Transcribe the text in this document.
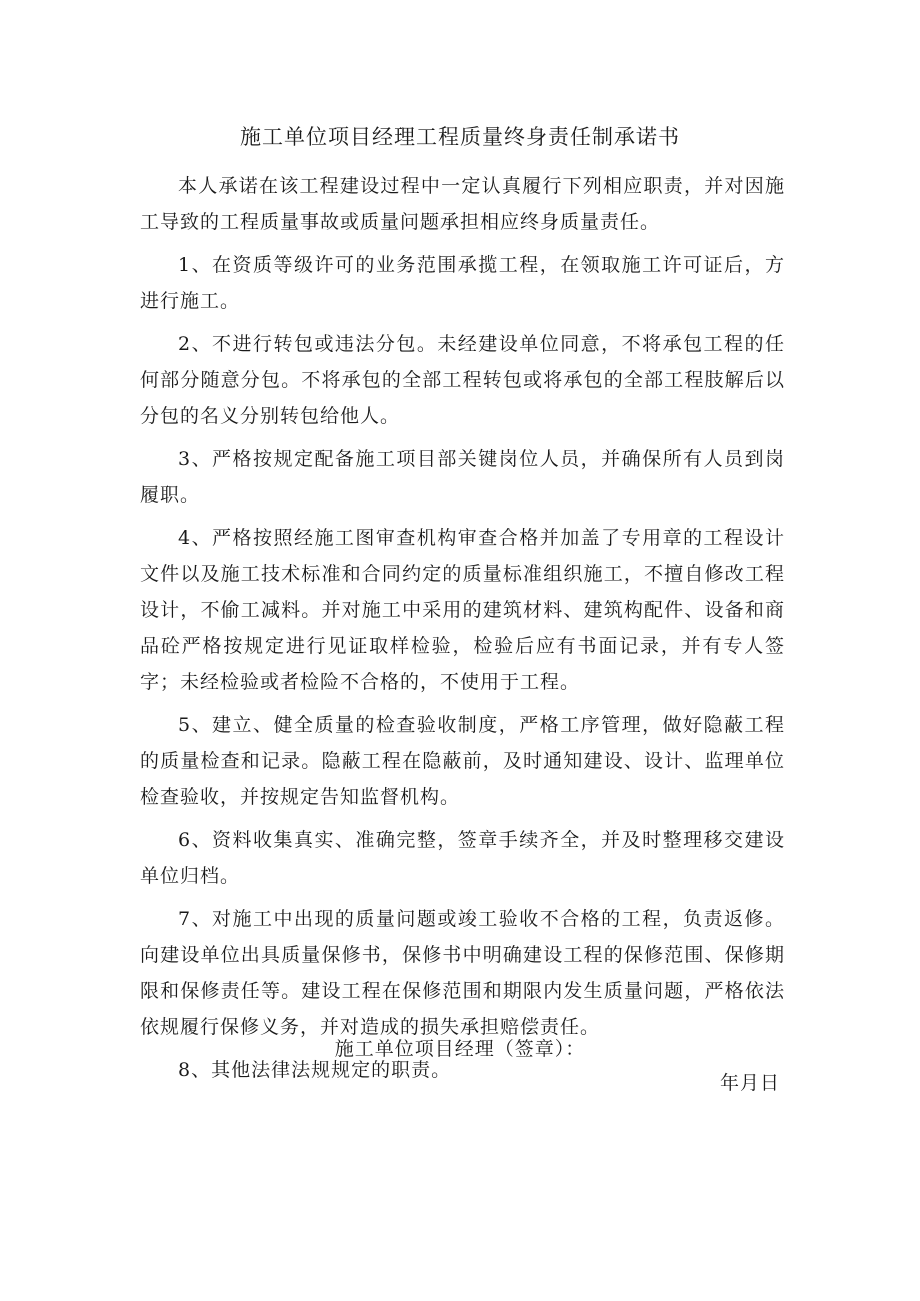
施工单位项目经理工程质量终身责任制承诺书

本人承诺在该工程建设过程中一定认真履行下列相应职责，并对因施工导致的工程质量事故或质量问题承担相应终身质量责任。

1、在资质等级许可的业务范围承揽工程，在领取施工许可证后，方进行施工。

2、不进行转包或违法分包。未经建设单位同意，不将承包工程的任何部分随意分包。不将承包的全部工程转包或将承包的全部工程肢解后以分包的名义分别转包给他人。

3、严格按规定配备施工项目部关键岗位人员，并确保所有人员到岗履职。

4、严格按照经施工图审查机构审查合格并加盖了专用章的工程设计文件以及施工技术标准和合同约定的质量标准组织施工，不擅自修改工程设计，不偷工减料。并对施工中采用的建筑材料、建筑构配件、设备和商品砼严格按规定进行见证取样检验，检验后应有书面记录，并有专人签字；未经检验或者检险不合格的，不使用于工程。

5、建立、健全质量的检查验收制度，严格工序管理，做好隐蔽工程的质量检查和记录。隐蔽工程在隐蔽前，及时通知建设、设计、监理单位检查验收，并按规定告知监督机构。

6、资料收集真实、准确完整，签章手续齐全，并及时整理移交建设单位归档。

7、对施工中出现的质量问题或竣工验收不合格的工程，负责返修。向建设单位出具质量保修书，保修书中明确建设工程的保修范围、保修期限和保修责任等。建设工程在保修范围和期限内发生质量问题，严格依法依规履行保修义务，并对造成的损失承担赔偿责任。

8、其他法律法规规定的职责。

施工单位项目经理（签章）：
年月日
